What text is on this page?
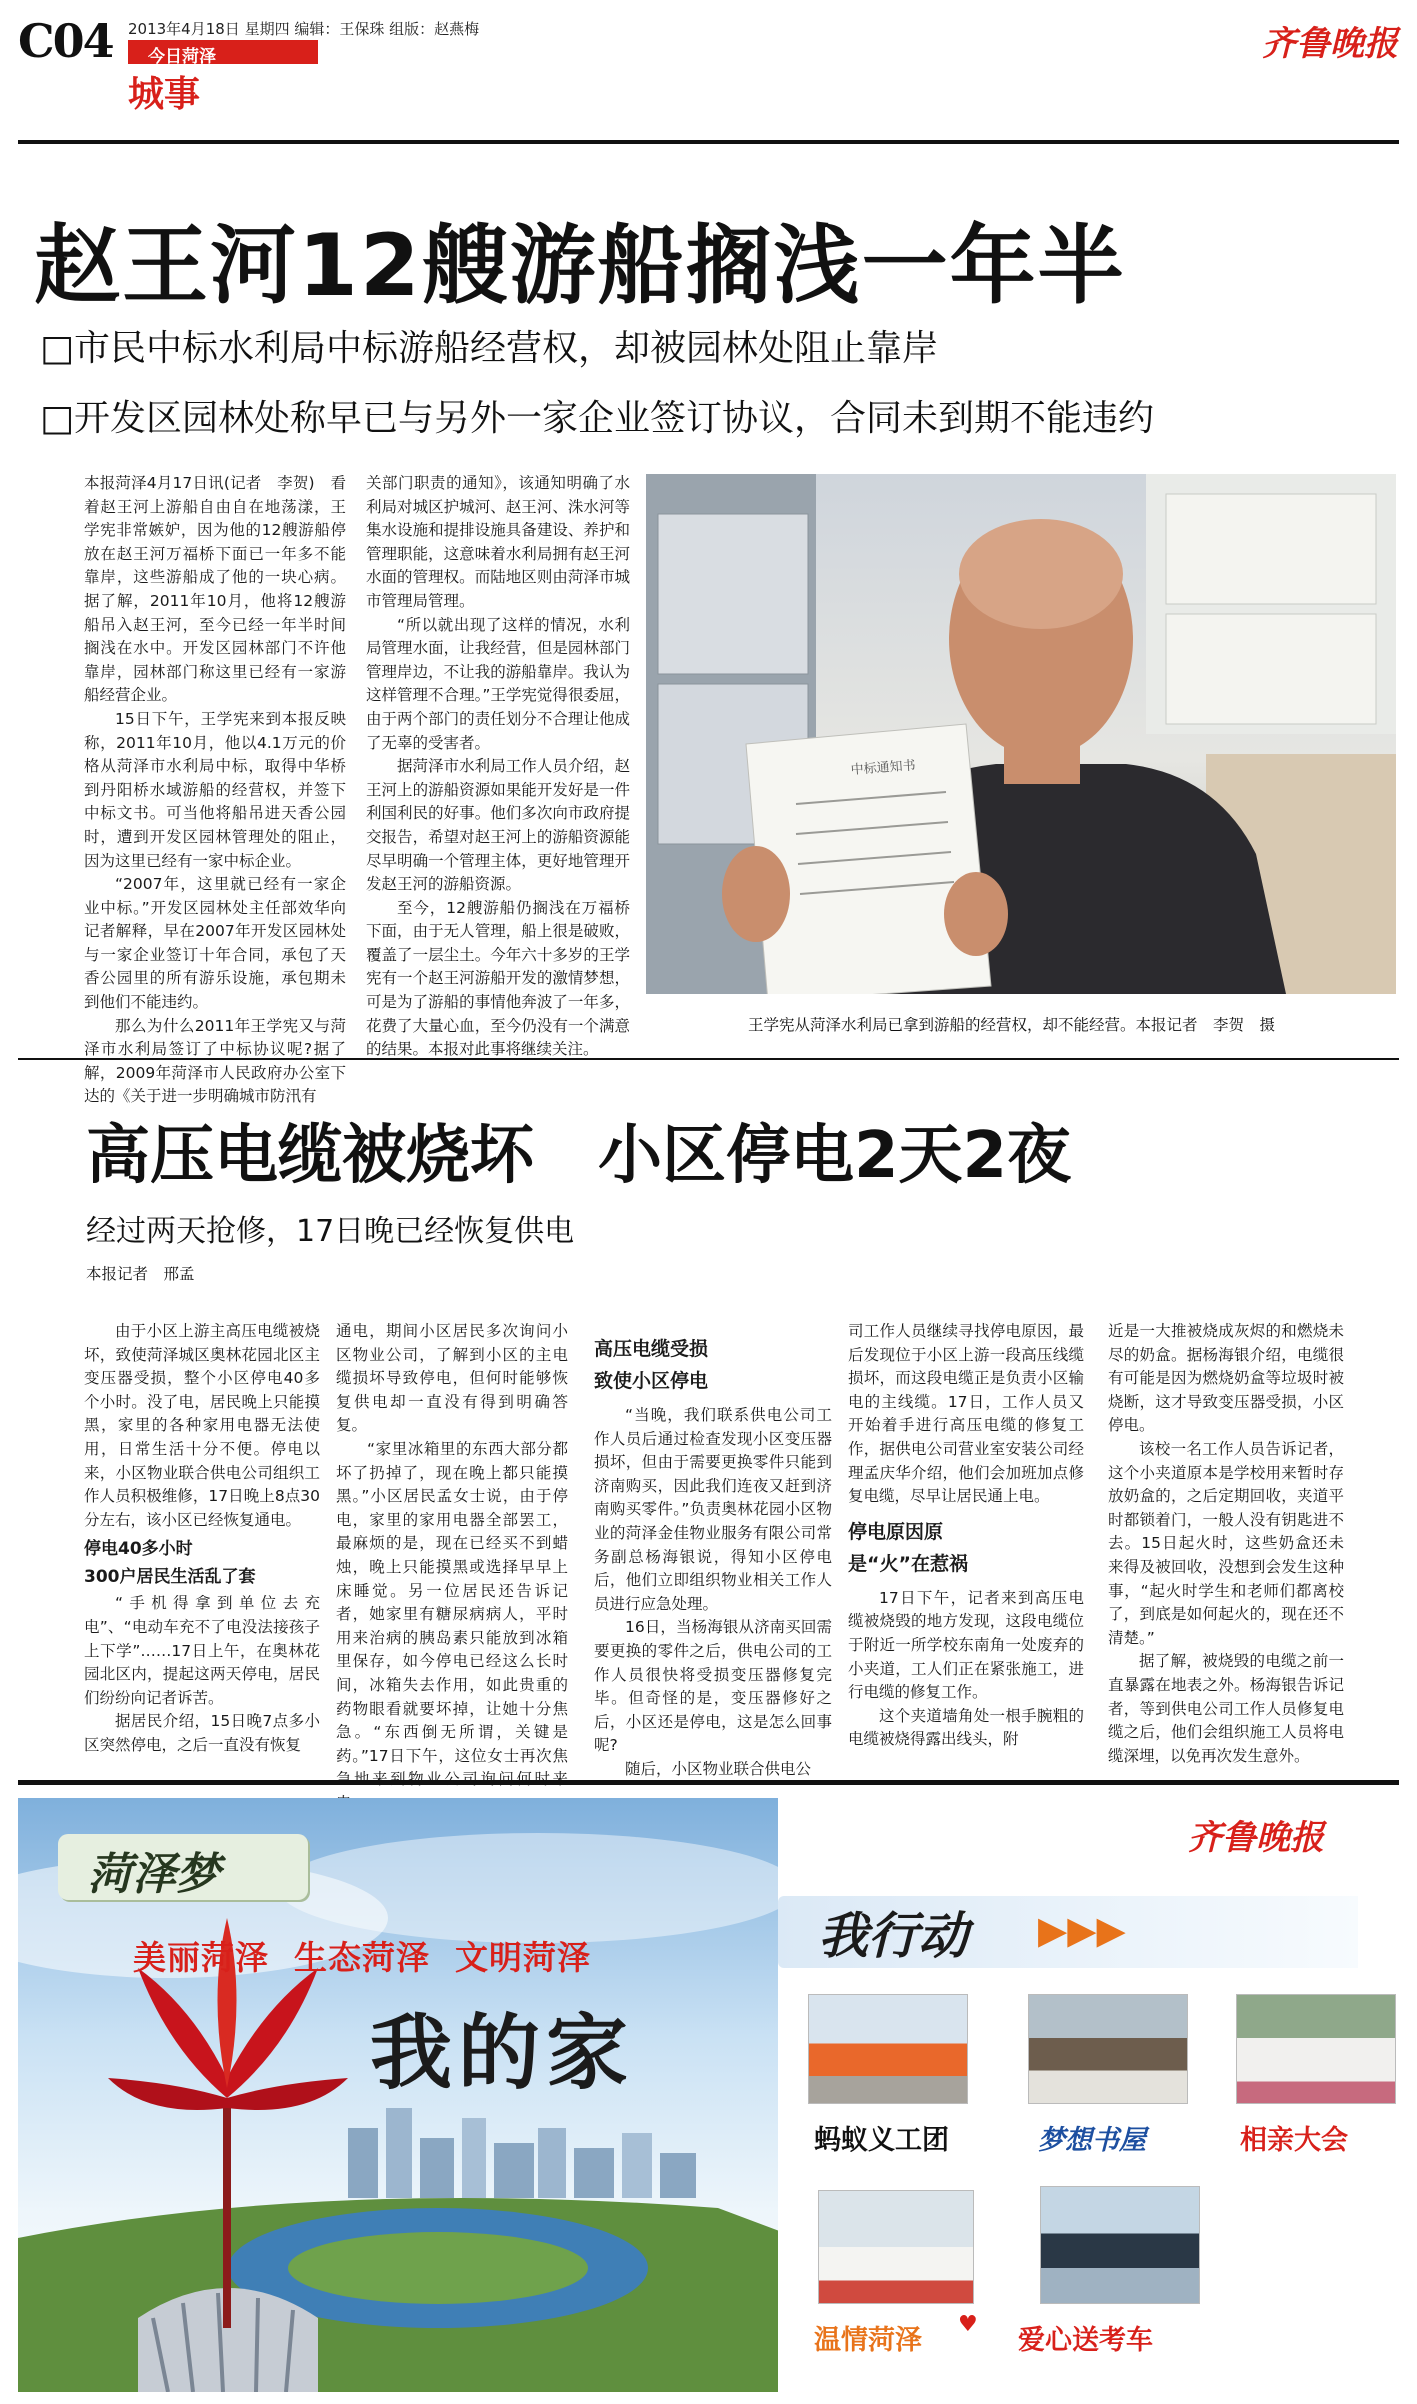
C04 2013年4月18日 星期四 编辑：王保珠 组版：赵燕梅
今日菏泽
城事
齐鲁晚报
赵王河12艘游船搁浅一年半
□市民中标水利局中标游船经营权，却被园林处阻止靠岸
□开发区园林处称早已与另外一家企业签订协议，合同未到期不能违约

本报菏泽4月17日讯(记者　李贺)　看着赵王河上游船自由自在地荡漾，王学宪非常嫉妒，因为他的12艘游船停放在赵王河万福桥下面已一年多不能靠岸，这些游船成了他的一块心病。据了解，2011年10月，他将12艘游船吊入赵王河，至今已经一年半时间搁浅在水中。开发区园林部门不许他靠岸，园林部门称这里已经有一家游船经营企业。

15日下午，王学宪来到本报反映称，2011年10月，他以4.1万元的价格从菏泽市水利局中标，取得中华桥到丹阳桥水域游船的经营权，并签下中标文书。可当他将船吊进天香公园时，遭到开发区园林管理处的阻止，因为这里已经有一家中标企业。

“2007年，这里就已经有一家企业中标。”开发区园林处主任部效华向记者解释，早在2007年开发区园林处与一家企业签订十年合同，承包了天香公园里的所有游乐设施，承包期未到他们不能违约。

那么为什么2011年王学宪又与菏泽市水利局签订了中标协议呢?据了解，2009年菏泽市人民政府办公室下达的《关于进一步明确城市防汛有

关部门职责的通知》，该通知明确了水利局对城区护城河、赵王河、洙水河等集水设施和提排设施具备建设、养护和管理职能，这意味着水利局拥有赵王河水面的管理权。而陆地区则由菏泽市城市管理局管理。

“所以就出现了这样的情况，水利局管理水面，让我经营，但是园林部门管理岸边，不让我的游船靠岸。我认为这样管理不合理。”王学宪觉得很委屈，由于两个部门的责任划分不合理让他成了无辜的受害者。

据菏泽市水利局工作人员介绍，赵王河上的游船资源如果能开发好是一件利国利民的好事。他们多次向市政府提交报告，希望对赵王河上的游船资源能尽早明确一个管理主体，更好地管理开发赵王河的游船资源。

至今，12艘游船仍搁浅在万福桥下面，由于无人管理，船上很是破败，覆盖了一层尘土。今年六十多岁的王学宪有一个赵王河游船开发的激情梦想，可是为了游船的事情他奔波了一年多，花费了大量心血，至今仍没有一个满意的结果。本报对此事将继续关注。

中标通知书
王学宪从菏泽水利局已拿到游船的经营权，却不能经营。本报记者　李贺　摄
高压电缆被烧坏　小区停电2天2夜
经过两天抢修，17日晚已经恢复供电
本报记者　邢孟

由于小区上游主高压电缆被烧坏，致使菏泽城区奥林花园北区主变压器受损，整个小区停电40多个小时。没了电，居民晚上只能摸黑，家里的各种家用电器无法使用，日常生活十分不便。停电以来，小区物业联合供电公司组织工作人员积极维修，17日晚上8点30分左右，该小区已经恢复通电。

停电40多小时
300户居民生活乱了套

“手机得拿到单位去充电”、“电动车充不了电没法接孩子上下学”……17日上午，在奥林花园北区内，提起这两天停电，居民们纷纷向记者诉苦。

据居民介绍，15日晚7点多小区突然停电，之后一直没有恢复

通电，期间小区居民多次询问小区物业公司，了解到小区的主电缆损坏导致停电，但何时能够恢复供电却一直没有得到明确答复。

“家里冰箱里的东西大部分都坏了扔掉了，现在晚上都只能摸黑。”小区居民孟女士说，由于停电，家里的家用电器全部罢工，最麻烦的是，现在已经买不到蜡烛，晚上只能摸黑或选择早早上床睡觉。另一位居民还告诉记者，她家里有糖尿病病人，平时用来治病的胰岛素只能放到冰箱里保存，如今停电已经这么长时间，冰箱失去作用，如此贵重的药物眼看就要坏掉，让她十分焦急。“东西倒无所谓，关键是药。”17日下午，这位女士再次焦

高压电缆受损
致使小区停电

“当晚，我们联系供电公司工作人员后通过检查发现小区变压器损坏，但由于需要更换零件只能到济南购买，因此我们连夜又赶到济南购买零件。”负责奥林花园小区物业的菏泽金佳物业服务有限公司常务副总杨海银说，得知小区停电后，他们立即组织物业相关工作人员进行应急处理。

16日，当杨海银从济南买回需要更换的零件之后，供电公司的工作人员很快将受损变压器修复完毕。但奇怪的是，变压器修好之后，小区还是停电，这是怎么回事呢?

随后，小区物业联合供电公

司工作人员继续寻找停电原因，最后发现位于小区上游一段高压线缆损坏，而这段电缆正是负责小区输电的主线缆。17日，工作人员又开始着手进行高压电缆的修复工作，据供电公司营业室安装公司经理孟庆华介绍，他们会加班加点修复电缆，尽早让居民通上电。

停电原因原
是“火”在惹祸

17日下午，记者来到高压电缆被烧毁的地方发现，这段电缆位于附近一所学校东南角一处废弃的小夹道，工人们正在紧张施工，进行电缆的修复工作。

这个夹道墙角处一根手腕粗的电缆被烧得露出线头，附

近是一大推被烧成灰烬的和燃烧未尽的奶盒。据杨海银介绍，电缆很有可能是因为燃烧奶盒等垃圾时被烧断，这才导致变压器受损，小区停电。

该校一名工作人员告诉记者，这个小夹道原本是学校用来暂时存放奶盒的，之后定期回收，夹道平时都锁着门，一般人没有钥匙进不去。15日起火时，这些奶盒还未来得及被回收，没想到会发生这种事，“起火时学生和老师们都离校了，到底是如何起火的，现在还不清楚。”

据了解，被烧毁的电缆之前一直暴露在地表之外。杨海银告诉记者，等到供电公司工作人员修复电缆之后，他们会组织施工人员将电缆深埋，以免再次发生意外。

齐鲁晚报
菏泽梦
美丽菏泽  生态菏泽  文明菏泽
我的家
我行动 ▶▶▶
蚂蚁义工团	梦想书屋	相亲大会
温情菏泽
♥
爱心送考车
